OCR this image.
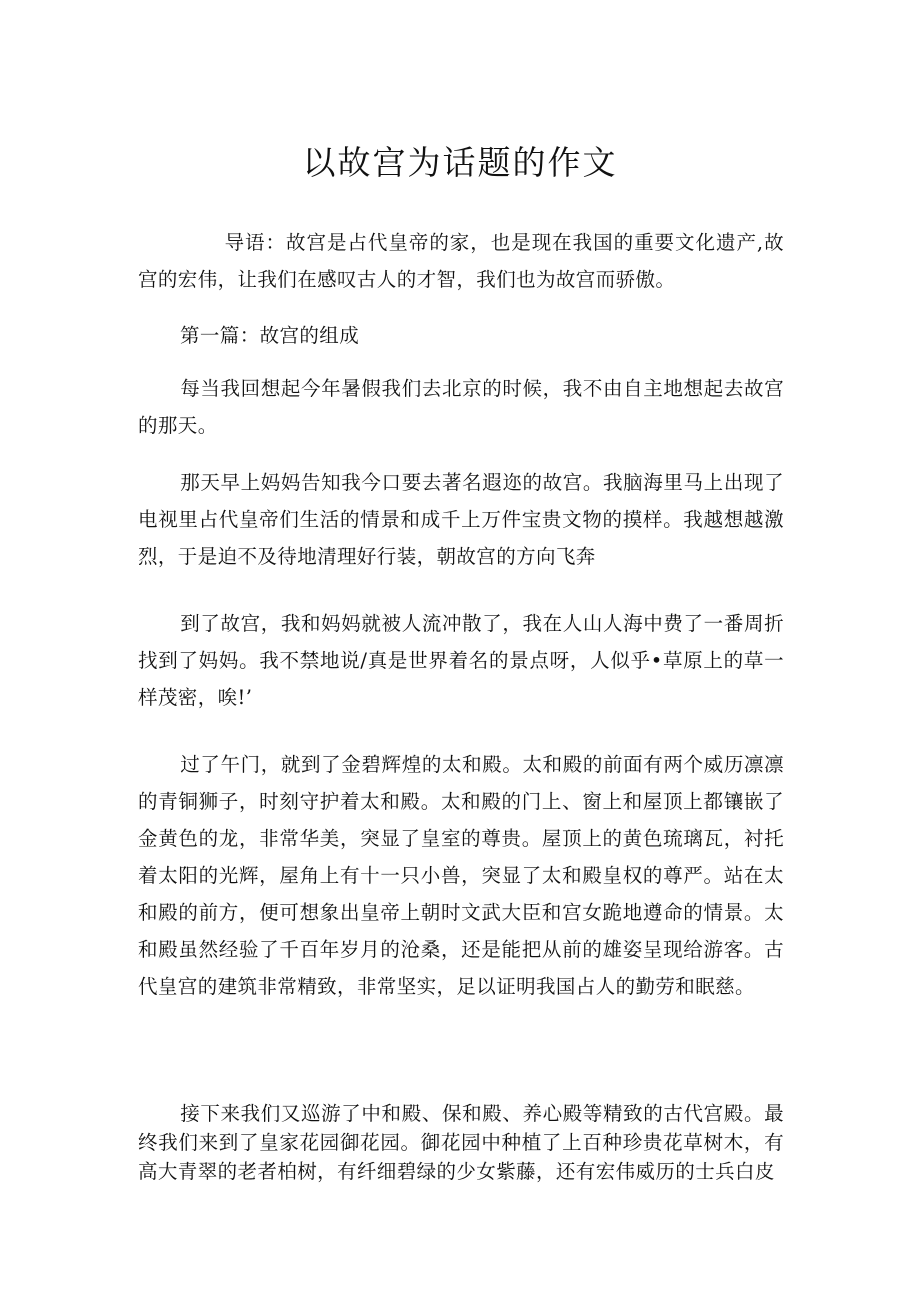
以故宫为话题的作文

导语：故宫是占代皇帝的家，也是现在我国的重要文化遗产,故宫的宏伟，让我们在感叹古人的才智，我们也为故宫而骄傲。

第一篇：故宫的组成

每当我回想起今年暑假我们去北京的时候，我不由自主地想起去故宫的那天。

那天早上妈妈告知我今口要去著名遐迩的故宫。我脑海里马上出现了电视里占代皇帝们生活的情景和成千上万件宝贵文物的摸样。我越想越激烈，于是迫不及待地清理好行装，朝故宫的方向飞奔

到了故宫，我和妈妈就被人流冲散了，我在人山人海中费了一番周折找到了妈妈。我不禁地说/真是世界着名的景点呀，人似乎•草原上的草一样茂密，唉!’

过了午门，就到了金碧辉煌的太和殿。太和殿的前面有两个威历凛凛的青铜狮子，时刻守护着太和殿。太和殿的门上、窗上和屋顶上都镶嵌了金黄色的龙，非常华美，突显了皇室的尊贵。屋顶上的黄色琉璃瓦，衬托着太阳的光辉，屋角上有十一只小兽，突显了太和殿皇权的尊严。站在太和殿的前方，便可想象出皇帝上朝时文武大臣和宫女跪地遵命的情景。太和殿虽然经验了千百年岁月的沧桑，还是能把从前的雄姿呈现给游客。古代皇宫的建筑非常精致，非常坚实，足以证明我国占人的勤劳和眠慈。

接下来我们又巡游了中和殿、保和殿、养心殿等精致的古代宫殿。最终我们来到了皇家花园御花园。御花园中种植了上百种珍贵花草树木，有高大青翠的老者柏树，有纤细碧绿的少女紫藤，还有宏伟威历的士兵白皮
